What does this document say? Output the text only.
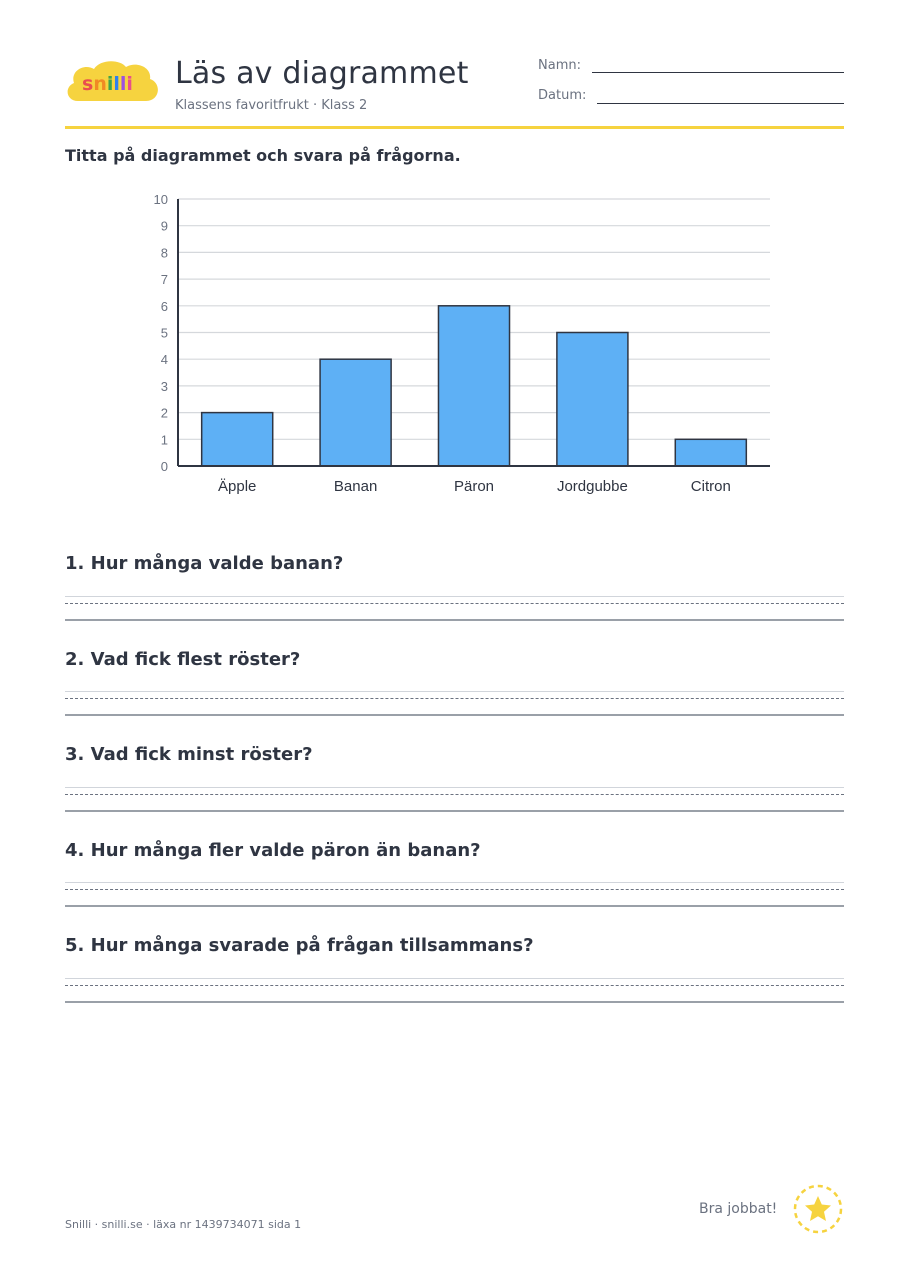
snilli Läs av diagrammet
Klassens favoritfrukt · Klass 2
Namn:
Datum:
Titta på diagrammet och svara på frågorna.
0
1
2
3
4
5
6
7
8
9
10
Äpple	Banan	Päron	Jordgubbe	Citron
1. Hur många valde banan?
2. Vad fick flest röster?
3. Vad fick minst röster?
4. Hur många fler valde päron än banan?
5. Hur många svarade på frågan tillsammans?
Snilli · snilli.se · läxa nr 1439734071 sida 1
Bra jobbat!
